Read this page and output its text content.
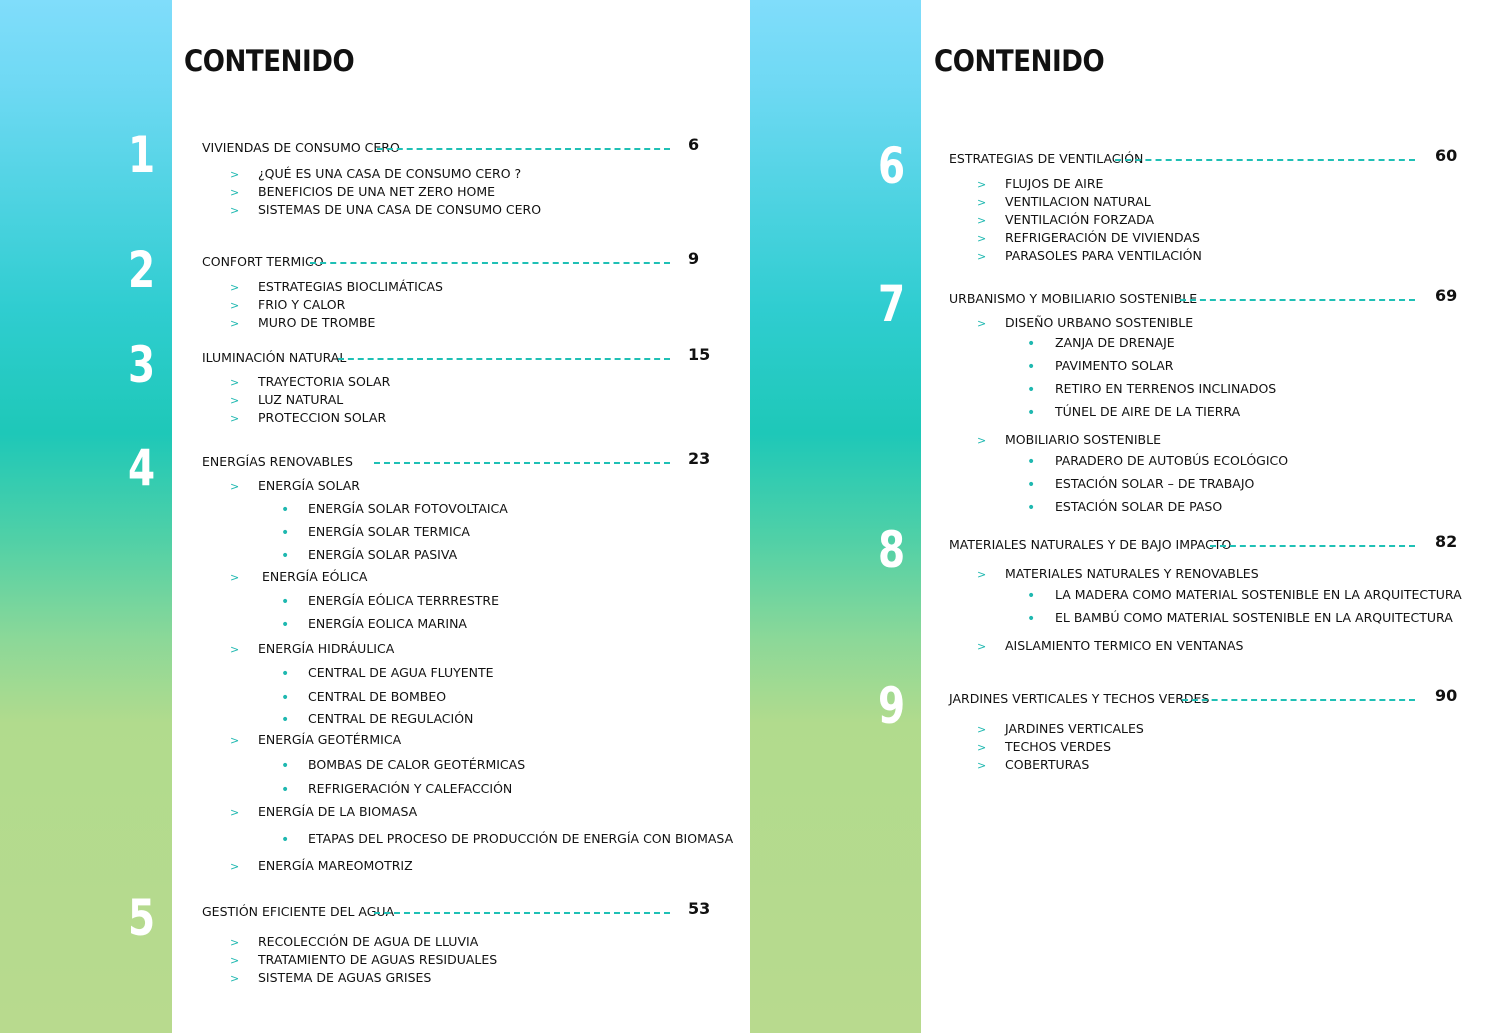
CONTENIDO
1	VIVIENDAS DE CONSUMO CERO	6
> ¿QUÉ ES UNA CASA DE CONSUMO CERO ?
> BENEFICIOS DE UNA NET ZERO HOME
> SISTEMAS DE UNA CASA DE CONSUMO CERO
2	CONFORT TERMICO	9
> ESTRATEGIAS BIOCLIMÁTICAS
> FRIO Y CALOR
> MURO DE TROMBE
3	ILUMINACIÓN NATURAL	15
> TRAYECTORIA SOLAR
> LUZ NATURAL
> PROTECCION SOLAR
4	ENERGÍAS RENOVABLES	23
> ENERGÍA SOLAR
• ENERGÍA SOLAR FOTOVOLTAICA
• ENERGÍA SOLAR TERMICA
• ENERGÍA SOLAR PASIVA
> ENERGÍA EÓLICA
• ENERGÍA EÓLICA TERRRESTRE
• ENERGÍA EOLICA MARINA
> ENERGÍA HIDRÁULICA
• CENTRAL DE AGUA FLUYENTE
• CENTRAL DE BOMBEO
• CENTRAL DE REGULACIÓN
> ENERGÍA GEOTÉRMICA
• BOMBAS DE CALOR GEOTÉRMICAS
• REFRIGERACIÓN Y CALEFACCIÓN
> ENERGÍA DE LA BIOMASA
• ETAPAS DEL PROCESO DE PRODUCCIÓN DE ENERGÍA CON BIOMASA
> ENERGÍA MAREOMOTRIZ
5	GESTIÓN EFICIENTE DEL AGUA	53
> RECOLECCIÓN DE AGUA DE LLUVIA
> TRATAMIENTO DE AGUAS RESIDUALES
> SISTEMA DE AGUAS GRISES
CONTENIDO
6	ESTRATEGIAS DE VENTILACIÓN	60
> FLUJOS DE AIRE
> VENTILACION NATURAL
> VENTILACIÓN FORZADA
> REFRIGERACIÓN DE VIVIENDAS
> PARASOLES PARA VENTILACIÓN
7	URBANISMO Y MOBILIARIO SOSTENIBLE	69
> DISEÑO URBANO SOSTENIBLE
• ZANJA DE DRENAJE
• PAVIMENTO SOLAR
• RETIRO EN TERRENOS INCLINADOS
• TÚNEL DE AIRE DE LA TIERRA
> MOBILIARIO SOSTENIBLE
• PARADERO DE AUTOBÚS ECOLÓGICO
• ESTACIÓN SOLAR – DE TRABAJO
• ESTACIÓN SOLAR DE PASO
8	MATERIALES NATURALES Y DE BAJO IMPACTO	82
> MATERIALES NATURALES Y RENOVABLES
• LA MADERA COMO MATERIAL SOSTENIBLE EN LA ARQUITECTURA
• EL BAMBÚ COMO MATERIAL SOSTENIBLE EN LA ARQUITECTURA
> AISLAMIENTO TERMICO EN VENTANAS
9	JARDINES VERTICALES Y TECHOS VERDES	90
> JARDINES VERTICALES
> TECHOS VERDES
> COBERTURAS
